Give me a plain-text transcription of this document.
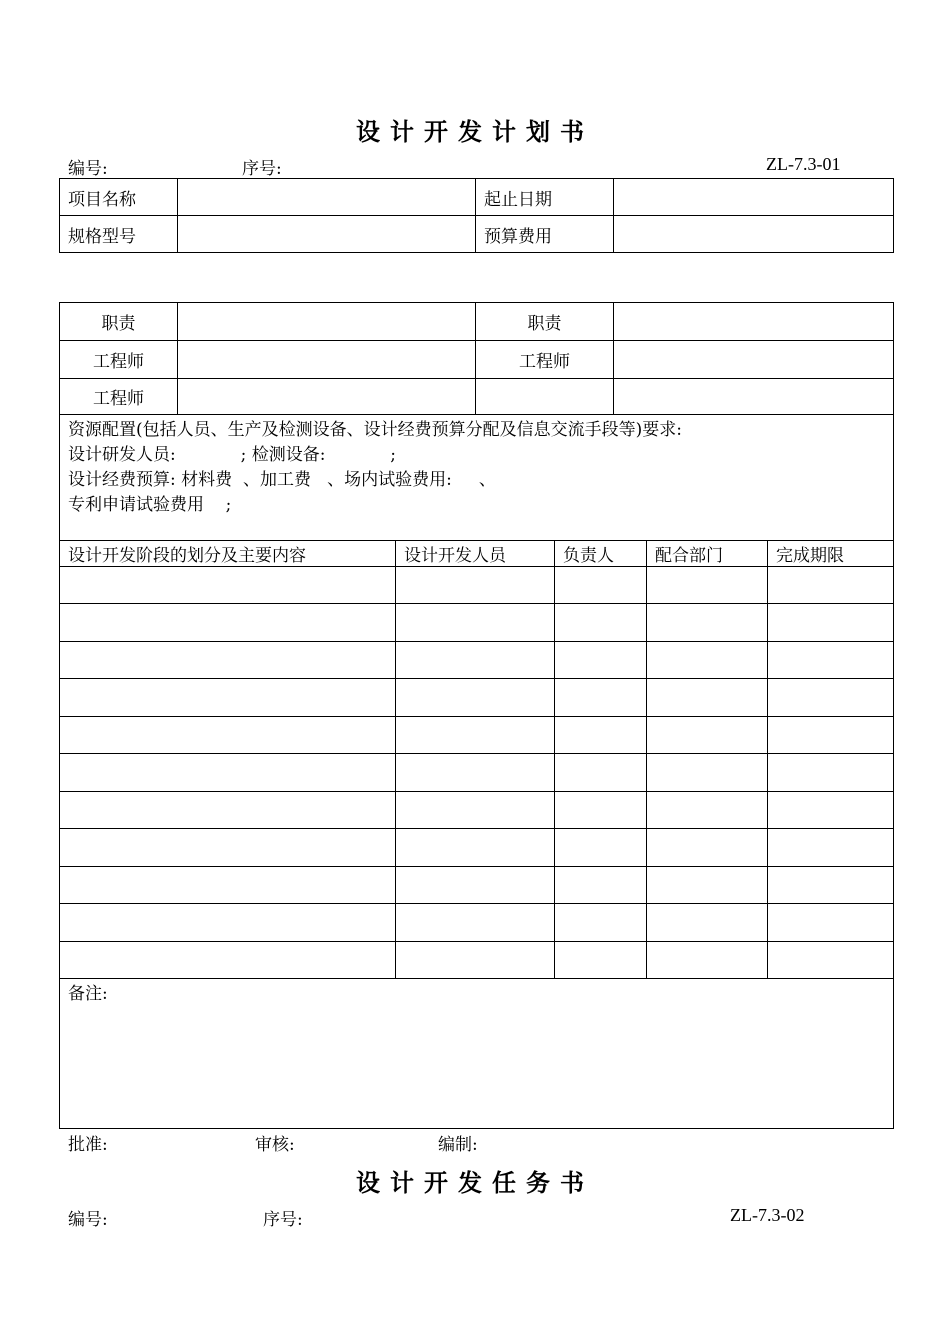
设计开发计划书
编号:	序号:	ZL-7.3-01
项目名称		起止日期	
规格型号		预算费用	
职责		职责	
工程师		工程师	
工程师			

资源配置(包括人员、生产及检测设备、设计经费预算分配及信息交流手段等)要求:
设计研发人员:            ; 检测设备:            ;
设计经费预算: 材料费  、加工费   、场内试验费用:     、
专利申请试验费用    ;			
设计开发阶段的划分及主要内容	设计开发人员	负责人	配合部门	完成期限

备注:				
批准:	审核:	编制:
设计开发任务书
编号:	序号:	ZL-7.3-02
